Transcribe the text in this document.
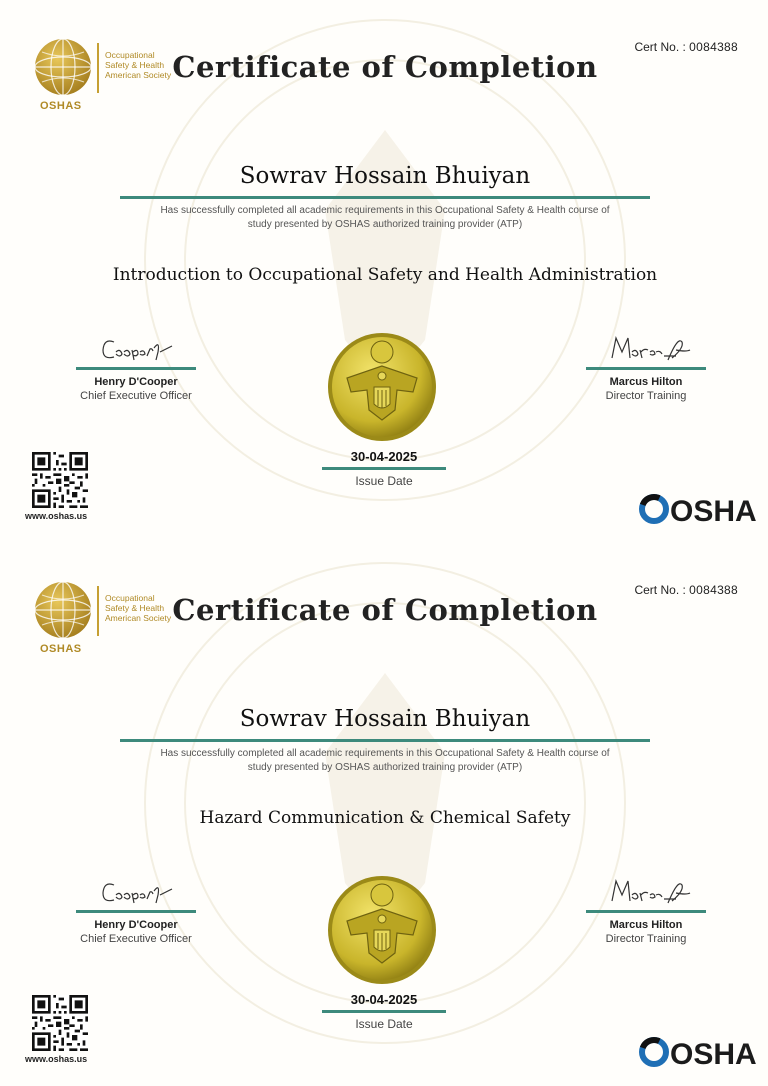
Occupational
Safety & Health
American Society
OSHAS
Cert No. : 0084388
Certificate of Completion
Sowrav Hossain Bhuiyan
Has successfully completed all academic requirements in this Occupational Safety & Health course of study presented by OSHAS authorized training provider (ATP)
Introduction to Occupational Safety and Health Administration
Henry D'Cooper
Chief Executive Officer
Marcus Hilton
Director Training
30-04-2025
Issue Date
www.oshas.us	OSHA
Occupational
Safety & Health
American Society
OSHAS
Cert No. : 0084388
Certificate of Completion
Sowrav Hossain Bhuiyan
Has successfully completed all academic requirements in this Occupational Safety & Health course of study presented by OSHAS authorized training provider (ATP)
Hazard Communication & Chemical Safety
Henry D'Cooper
Chief Executive Officer
Marcus Hilton
Director Training
30-04-2025
Issue Date
www.oshas.us	OSHA
